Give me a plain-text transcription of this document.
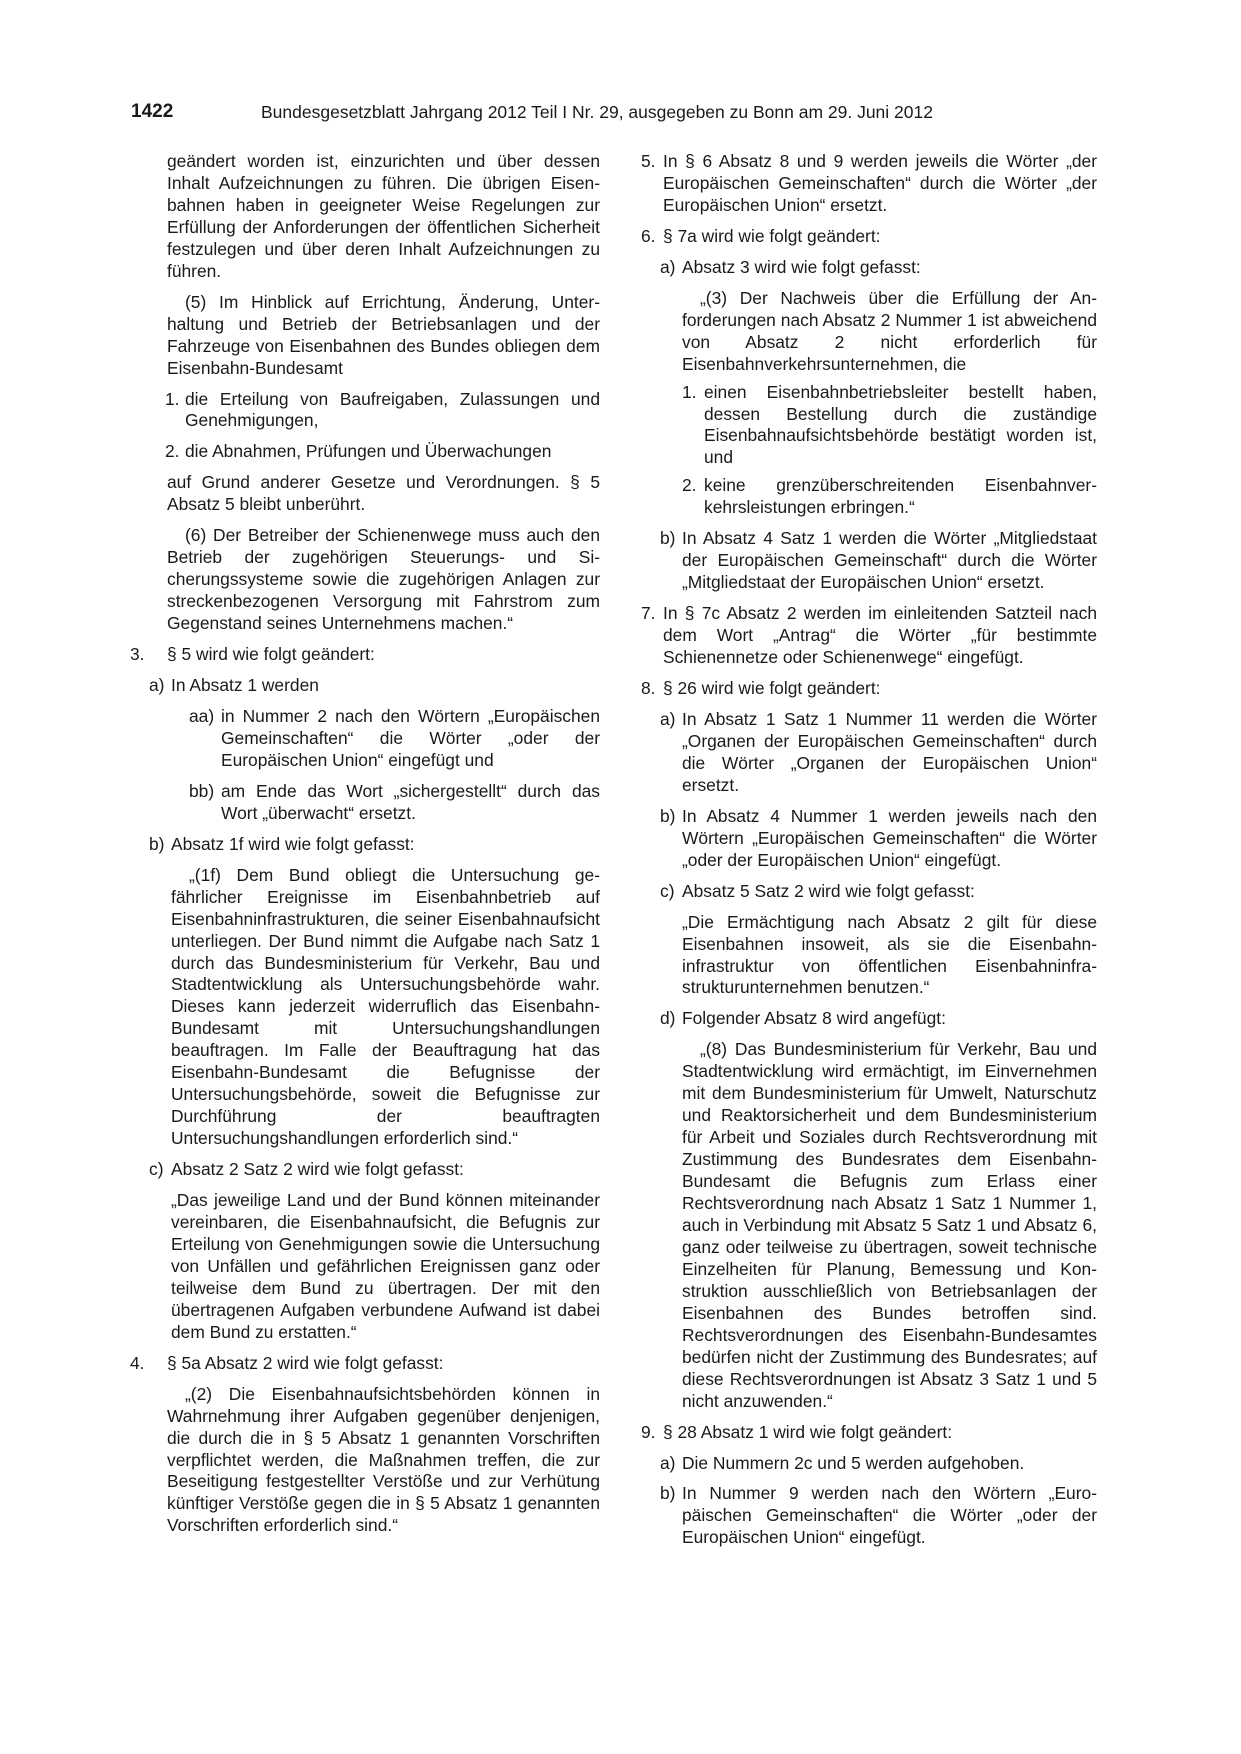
1422	Bundesgesetzblatt Jahrgang 2012 Teil I Nr. 29, ausgegeben zu Bonn am 29. Juni 2012

geändert worden ist, einzurichten und über dessen Inhalt Aufzeichnungen zu führen. Die übrigen Eisenbahnen haben in geeigneter Weise Regelungen zur Erfüllung der Anforderungen der öffentlichen Sicherheit festzulegen und über deren Inhalt Aufzeichnungen zu führen.

(5) Im Hinblick auf Errichtung, Änderung, Unterhaltung und Betrieb der Betriebsanlagen und der Fahrzeuge von Eisenbahnen des Bundes obliegen dem Eisenbahn-Bundesamt

1. die Erteilung von Baufreigaben, Zulassungen und Genehmigungen,
2. die Abnahmen, Prüfungen und Überwachungen

auf Grund anderer Gesetze und Verordnungen. § 5 Absatz 5 bleibt unberührt.

(6) Der Betreiber der Schienenwege muss auch den Betrieb der zugehörigen Steuerungs- und Sicherungssysteme sowie die zugehörigen Anlagen zur streckenbezogenen Versorgung mit Fahrstrom zum Gegenstand seines Unternehmens machen.“

3. § 5 wird wie folgt geändert:
a) In Absatz 1 werden
aa) in Nummer 2 nach den Wörtern „Europäischen Gemeinschaften“ die Wörter „oder der Europäischen Union“ eingefügt und
bb) am Ende das Wort „sichergestellt“ durch das Wort „überwacht“ ersetzt.
b) Absatz 1f wird wie folgt gefasst:

„(1f) Dem Bund obliegt die Untersuchung gefährlicher Ereignisse im Eisenbahnbetrieb auf Eisenbahninfrastrukturen, die seiner Eisenbahnaufsicht unterliegen. Der Bund nimmt die Aufgabe nach Satz 1 durch das Bundesministerium für Verkehr, Bau und Stadtentwicklung als Untersuchungsbehörde wahr. Dieses kann jederzeit widerruflich das Eisenbahn-Bundesamt mit Untersuchungshandlungen beauftragen. Im Falle der Beauftragung hat das Eisenbahn-Bundesamt die Befugnisse der Untersuchungsbehörde, soweit die Befugnisse zur Durchführung der beauftragten Untersuchungshandlungen erforderlich sind.“

c) Absatz 2 Satz 2 wird wie folgt gefasst:

„Das jeweilige Land und der Bund können miteinander vereinbaren, die Eisenbahnaufsicht, die Befugnis zur Erteilung von Genehmigungen sowie die Untersuchung von Unfällen und gefährlichen Ereignissen ganz oder teilweise dem Bund zu übertragen. Der mit den übertragenen Aufgaben verbundene Aufwand ist dabei dem Bund zu erstatten.“

4. § 5a Absatz 2 wird wie folgt gefasst:

„(2) Die Eisenbahnaufsichtsbehörden können in Wahrnehmung ihrer Aufgaben gegenüber denjenigen, die durch die in § 5 Absatz 1 genannten Vorschriften verpflichtet werden, die Maßnahmen treffen, die zur Beseitigung festgestellter Verstöße und zur Verhütung künftiger Verstöße gegen die in § 5 Absatz 1 genannten Vorschriften erforderlich sind.“

5. In § 6 Absatz 8 und 9 werden jeweils die Wörter „der Europäischen Gemeinschaften“ durch die Wörter „der Europäischen Union“ ersetzt.
6. § 7a wird wie folgt geändert:
a) Absatz 3 wird wie folgt gefasst:

„(3) Der Nachweis über die Erfüllung der Anforderungen nach Absatz 2 Nummer 1 ist abweichend von Absatz 2 nicht erforderlich für Eisenbahnverkehrsunternehmen, die

1. einen Eisenbahnbetriebsleiter bestellt haben, dessen Bestellung durch die zuständige Eisenbahnaufsichtsbehörde bestätigt worden ist, und
2. keine grenzüberschreitenden Eisenbahnverkehrsleistungen erbringen.“
b) In Absatz 4 Satz 1 werden die Wörter „Mitgliedstaat der Europäischen Gemeinschaft“ durch die Wörter „Mitgliedstaat der Europäischen Union“ ersetzt.
7. In § 7c Absatz 2 werden im einleitenden Satzteil nach dem Wort „Antrag“ die Wörter „für bestimmte Schienennetze oder Schienenwege“ eingefügt.
8. § 26 wird wie folgt geändert:
a) In Absatz 1 Satz 1 Nummer 11 werden die Wörter „Organen der Europäischen Gemeinschaften“ durch die Wörter „Organen der Europäischen Union“ ersetzt.
b) In Absatz 4 Nummer 1 werden jeweils nach den Wörtern „Europäischen Gemeinschaften“ die Wörter „oder der Europäischen Union“ eingefügt.
c) Absatz 5 Satz 2 wird wie folgt gefasst:

„Die Ermächtigung nach Absatz 2 gilt für diese Eisenbahnen insoweit, als sie die Eisenbahninfrastruktur von öffentlichen Eisenbahninfrastrukturunternehmen benutzen.“

d) Folgender Absatz 8 wird angefügt:

„(8) Das Bundesministerium für Verkehr, Bau und Stadtentwicklung wird ermächtigt, im Einvernehmen mit dem Bundesministerium für Umwelt, Naturschutz und Reaktorsicherheit und dem Bundesministerium für Arbeit und Soziales durch Rechtsverordnung mit Zustimmung des Bundesrates dem Eisenbahn-Bundesamt die Befugnis zum Erlass einer Rechtsverordnung nach Absatz 1 Satz 1 Nummer 1, auch in Verbindung mit Absatz 5 Satz 1 und Absatz 6, ganz oder teilweise zu übertragen, soweit technische Einzelheiten für Planung, Bemessung und Konstruktion ausschließlich von Betriebsanlagen der Eisenbahnen des Bundes betroffen sind. Rechtsverordnungen des Eisenbahn-Bundesamtes bedürfen nicht der Zustimmung des Bundesrates; auf diese Rechtsverordnungen ist Absatz 3 Satz 1 und 5 nicht anzuwenden.“

9. § 28 Absatz 1 wird wie folgt geändert:
a) Die Nummern 2c und 5 werden aufgehoben.
b) In Nummer 9 werden nach den Wörtern „Europäischen Gemeinschaften“ die Wörter „oder der Europäischen Union“ eingefügt.
